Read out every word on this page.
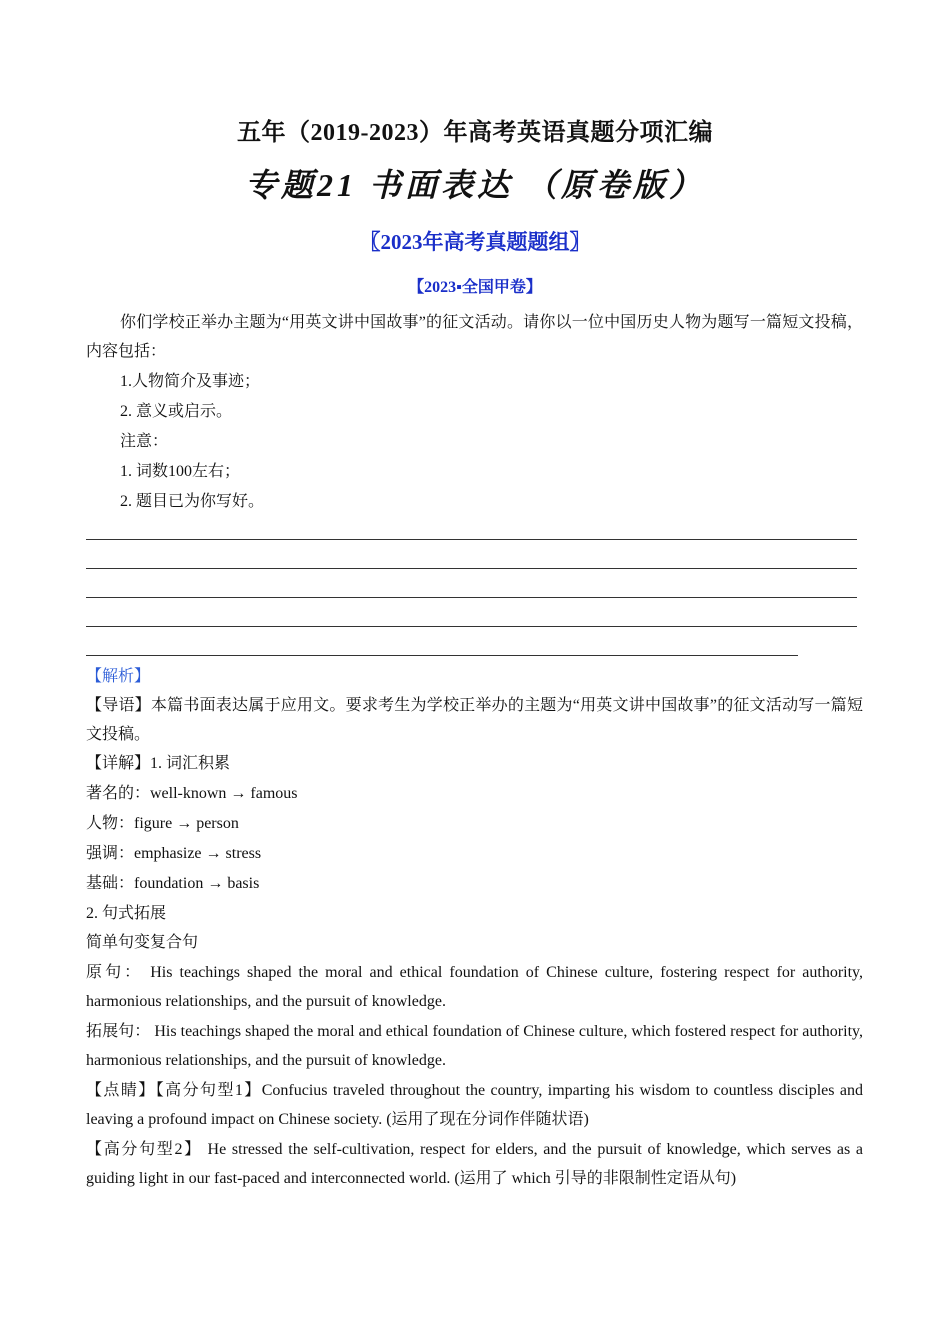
五年（2019-2023）年高考英语真题分项汇编
专题21 书面表达 （原卷版）
〖2023年高考真题题组〗
【2023▪全国甲卷】

你们学校正举办主题为“用英文讲中国故事”的征文活动。请你以一位中国历史人物为题写一篇短文投稿，内容包括：

1.人物简介及事迹；

2. 意义或启示。

注意：

1. 词数100左右；

2. 题目已为你写好。

【解析】

【导语】本篇书面表达属于应用文。要求考生为学校正举办的主题为“用英文讲中国故事”的征文活动写一篇短文投稿。

【详解】1. 词汇积累

著名的：well-known → famous

人物：figure → person

强调：emphasize → stress

基础：foundation → basis

2. 句式拓展

简单句变复合句

原句： His teachings shaped the moral and ethical foundation of Chinese culture, fostering respect for authority, harmonious relationships, and the pursuit of knowledge.

拓展句： His teachings shaped the moral and ethical foundation of Chinese culture, which fostered respect for authority, harmonious relationships, and the pursuit of knowledge.

【点睛】【高分句型1】Confucius traveled throughout the country, imparting his wisdom to countless disciples and leaving a profound impact on Chinese society. (运用了现在分词作伴随状语)

【高分句型2】 He stressed the self-cultivation, respect for elders, and the pursuit of knowledge, which serves as a guiding light in our fast-paced and interconnected world. (运用了 which 引导的非限制性定语从句)
